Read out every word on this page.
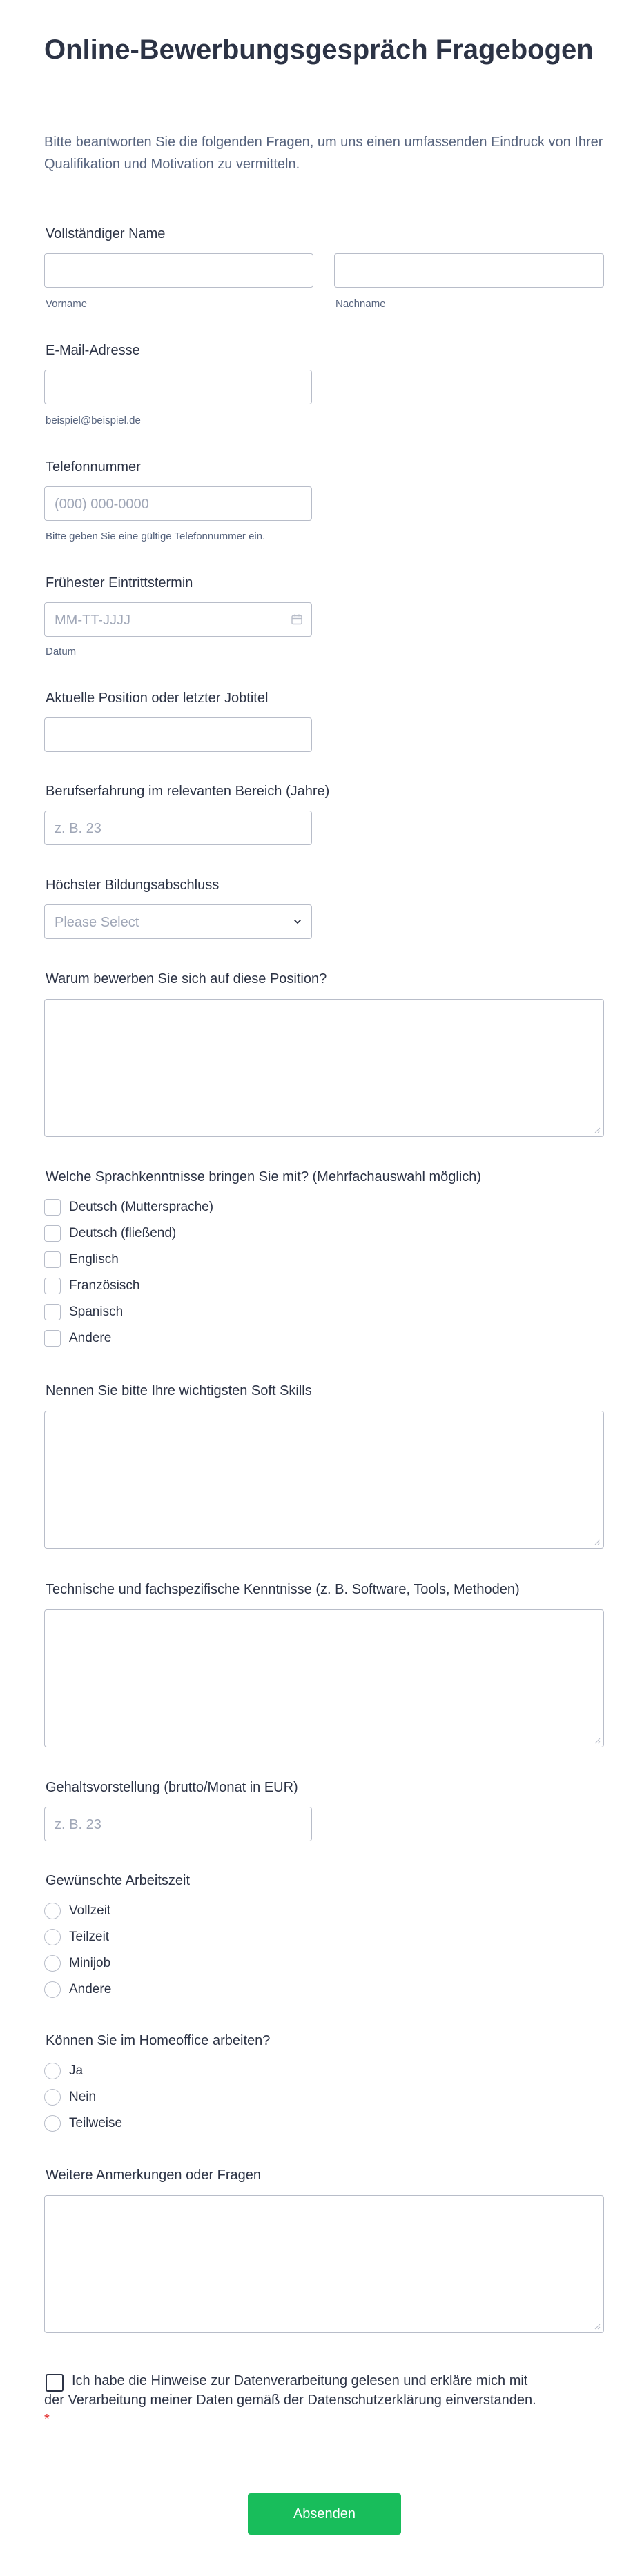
Online-Bewerbungsgespräch Fragebogen
Bitte beantworten Sie die folgenden Fragen, um uns einen umfassenden Eindruck von Ihrer Qualifikation und Motivation zu vermitteln.
Vollständiger Name
Vorname	Nachname
E-Mail-Adresse
beispiel@beispiel.de
Telefonnummer
(000) 000-0000
Bitte geben Sie eine gültige Telefonnummer ein.
Frühester Eintrittstermin
MM-TT-JJJJ
Datum
Aktuelle Position oder letzter Jobtitel
Berufserfahrung im relevanten Bereich (Jahre)
z. B. 23
Höchster Bildungsabschluss
Please Select
Warum bewerben Sie sich auf diese Position?
Welche Sprachkenntnisse bringen Sie mit? (Mehrfachauswahl möglich)
Deutsch (Muttersprache)
Deutsch (fließend)
Englisch
Französisch
Spanisch
Andere
Nennen Sie bitte Ihre wichtigsten Soft Skills
Technische und fachspezifische Kenntnisse (z. B. Software, Tools, Methoden)
Gehaltsvorstellung (brutto/Monat in EUR)
z. B. 23
Gewünschte Arbeitszeit
Vollzeit
Teilzeit
Minijob
Andere
Können Sie im Homeoffice arbeiten?
Ja
Nein
Teilweise
Weitere Anmerkungen oder Fragen
Ich habe die Hinweise zur Datenverarbeitung gelesen und erkläre mich mit der Verarbeitung meiner Daten gemäß der Datenschutzerklärung einverstanden. *
Absenden
